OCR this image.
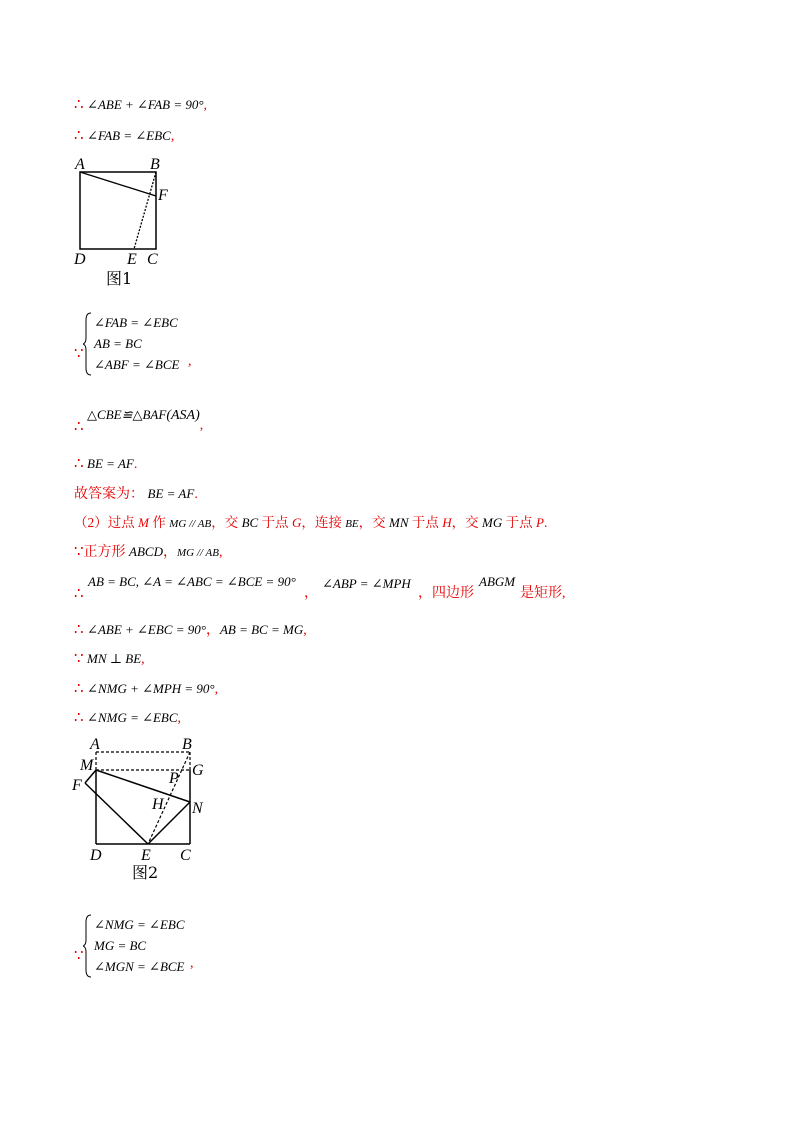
∴ ∠ABE + ∠FAB = 90°,
∴ ∠FAB = ∠EBC,
A	B
F
D	E C
图1
∵
∠FAB = ∠EBC
AB = BC
∠ABF = ∠BCE ,
∴ △CBE≌△BAF(ASA),
∴ BE = AF.
故答案为： BE = AF.
（2）过点 M 作 MG // AB，交 BC 于点 G，连接 BE，交 MN 于点 H，交 MG 于点 P.
∵正方形 ABCD，MG // AB,
∴
AB = BC, ∠A = ∠ABC = ∠BCE = 90°
，
∠ABP = ∠MPH
，四边形
ABGM
是矩形,
∴ ∠ABE + ∠EBC = 90°，AB = BC = MG,
∵ MN ⊥ BE,
∴ ∠NMG + ∠MPH = 90°,
∴ ∠NMG = ∠EBC,
A	B
M	G
P
F
H N
D E C
图2
∵
∠NMG = ∠EBC
MG = BC
∠MGN = ∠BCE ,
